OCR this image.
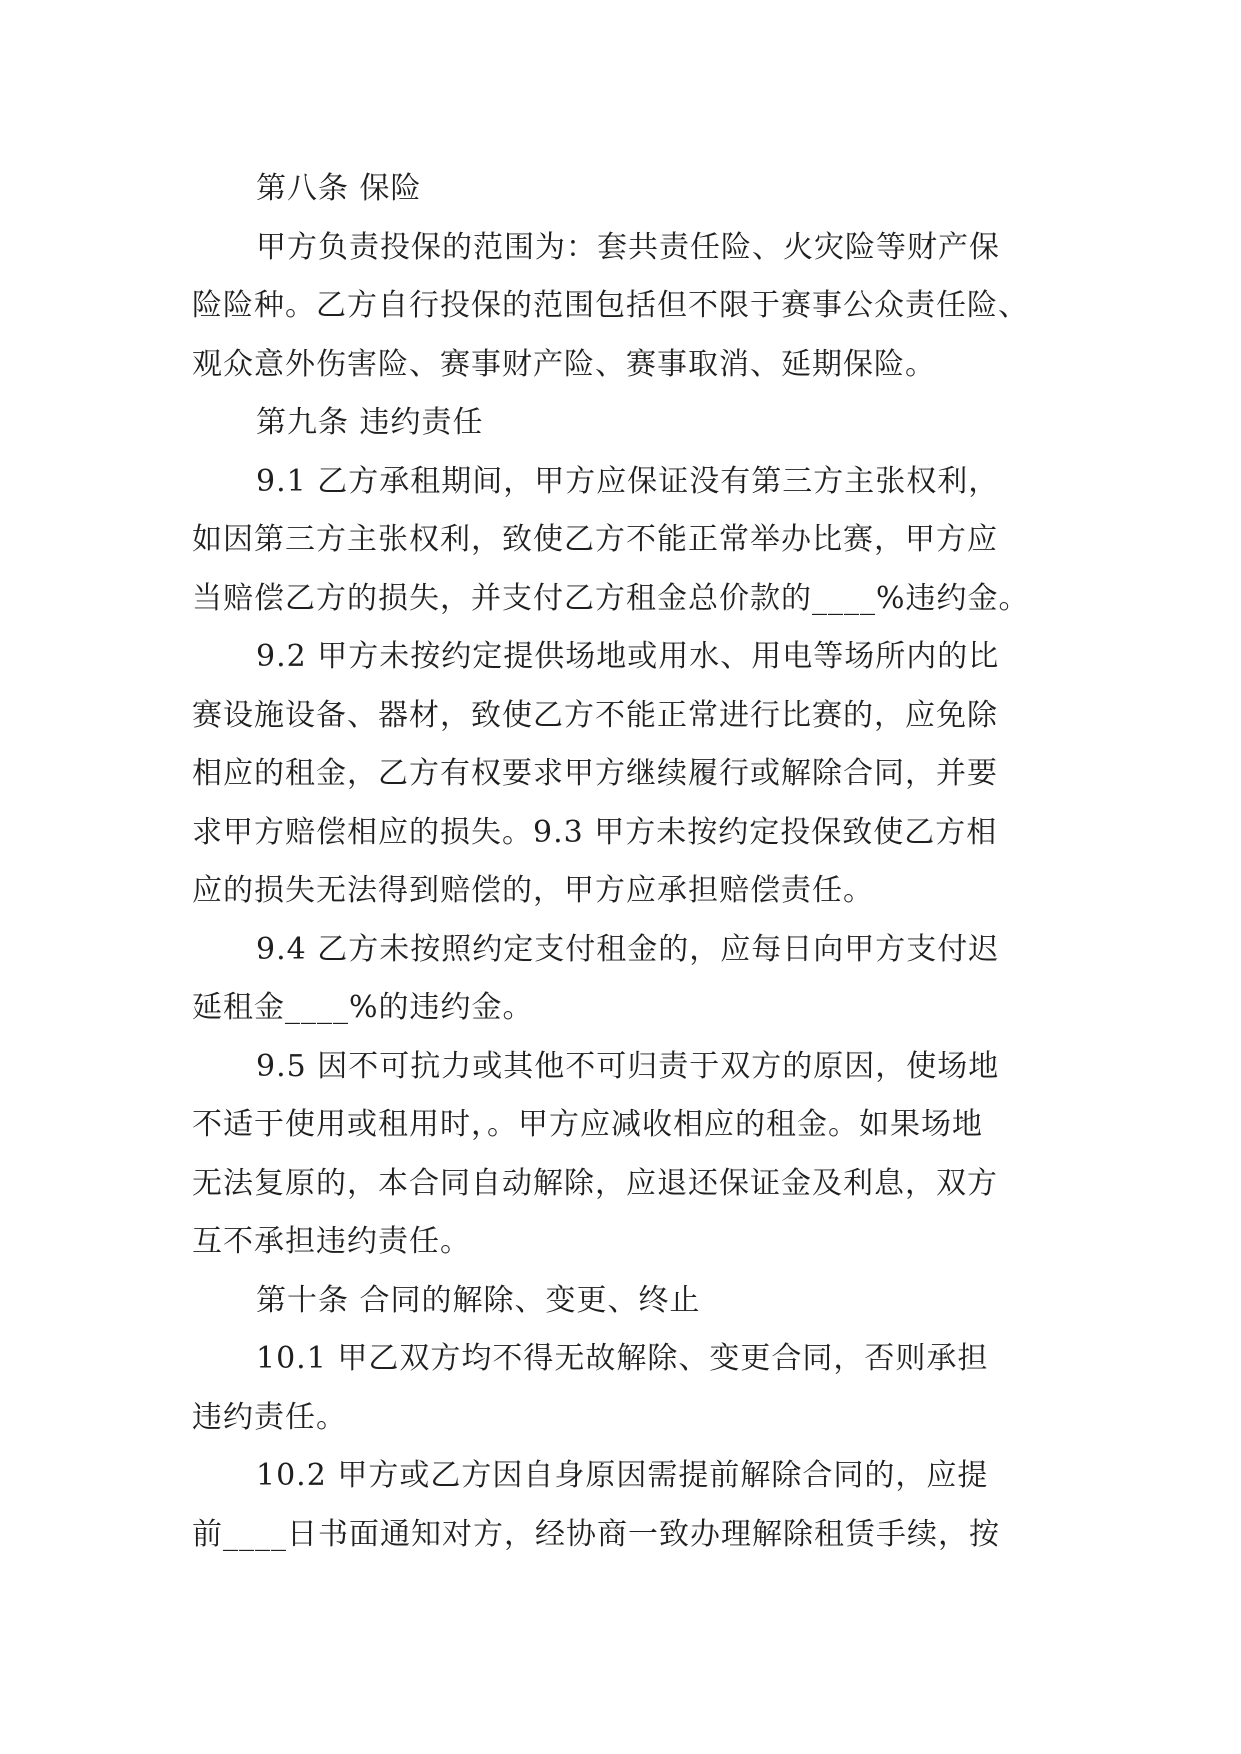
第八条 保险
甲方负责投保的范围为：套共责任险、火灾险等财产保
险险种。乙方自行投保的范围包括但不限于赛事公众责任险、
观众意外伤害险、赛事财产险、赛事取消、延期保险。
第九条 违约责任
9.1 乙方承租期间，甲方应保证没有第三方主张权利，
如因第三方主张权利，致使乙方不能正常举办比赛，甲方应
当赔偿乙方的损失，并支付乙方租金总价款的____%违约金。
9.2 甲方未按约定提供场地或用水、用电等场所内的比
赛设施设备、器材，致使乙方不能正常进行比赛的，应免除
相应的租金，乙方有权要求甲方继续履行或解除合同，并要
求甲方赔偿相应的损失。9.3 甲方未按约定投保致使乙方相
应的损失无法得到赔偿的，甲方应承担赔偿责任。
9.4 乙方未按照约定支付租金的，应每日向甲方支付迟
延租金____%的违约金。
9.5 因不可抗力或其他不可归责于双方的原因，使场地
不适于使用或租用时，。甲方应减收相应的租金。如果场地
无法复原的，本合同自动解除，应退还保证金及利息，双方
互不承担违约责任。
第十条 合同的解除、变更、终止
10.1 甲乙双方均不得无故解除、变更合同，否则承担
违约责任。
10.2 甲方或乙方因自身原因需提前解除合同的，应提
前____日书面通知对方，经协商一致办理解除租赁手续，按
